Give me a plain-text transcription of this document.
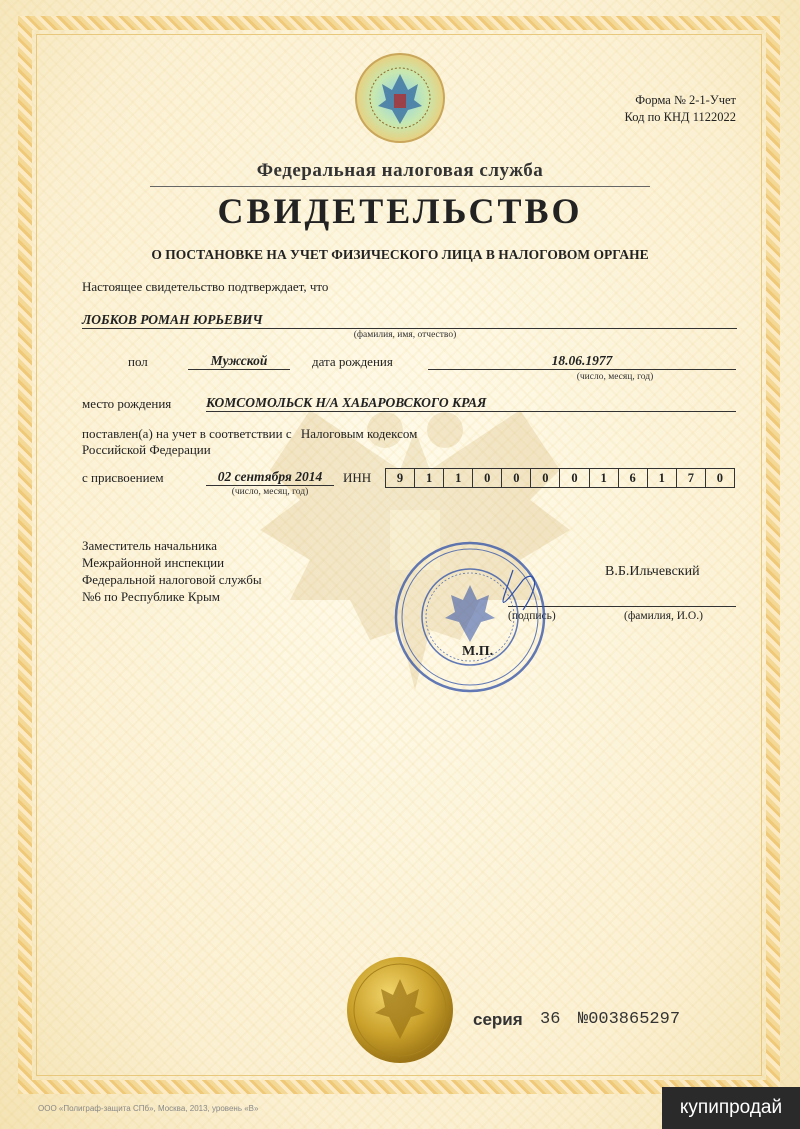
Форма № 2-1-Учет
Код по КНД 1122022
Федеральная налоговая служба
СВИДЕТЕЛЬСТВО
О ПОСТАНОВКЕ НА УЧЕТ ФИЗИЧЕСКОГО ЛИЦА В НАЛОГОВОМ ОРГАНЕ
Настоящее свидетельство подтверждает, что
ЛОБКОВ РОМАН ЮРЬЕВИЧ
(фамилия, имя, отчество)
пол	Мужской	дата рождения	18.06.1977
(число, месяц, год)
место рождения	КОМСОМОЛЬСК Н/А ХАБАРОВСКОГО КРАЯ
поставлен(а) на учет в соответствии с Налоговым кодексом
Российской Федерации
с присвоением	02 сентября 2014
(число, месяц, год)
ИНН	9	1	1	0	0	0	0	1	6	1	7	0
Заместитель начальника
Межрайонной инспекции
Федеральной налоговой службы
№6 по Республике Крым
В.Б.Ильчевский
(подпись)	(фамилия, И.О.)
М.П.
серия 36 №003865297
ООО «Полиграф-защита СПб», Москва, 2013, уровень «В»	купипродай
